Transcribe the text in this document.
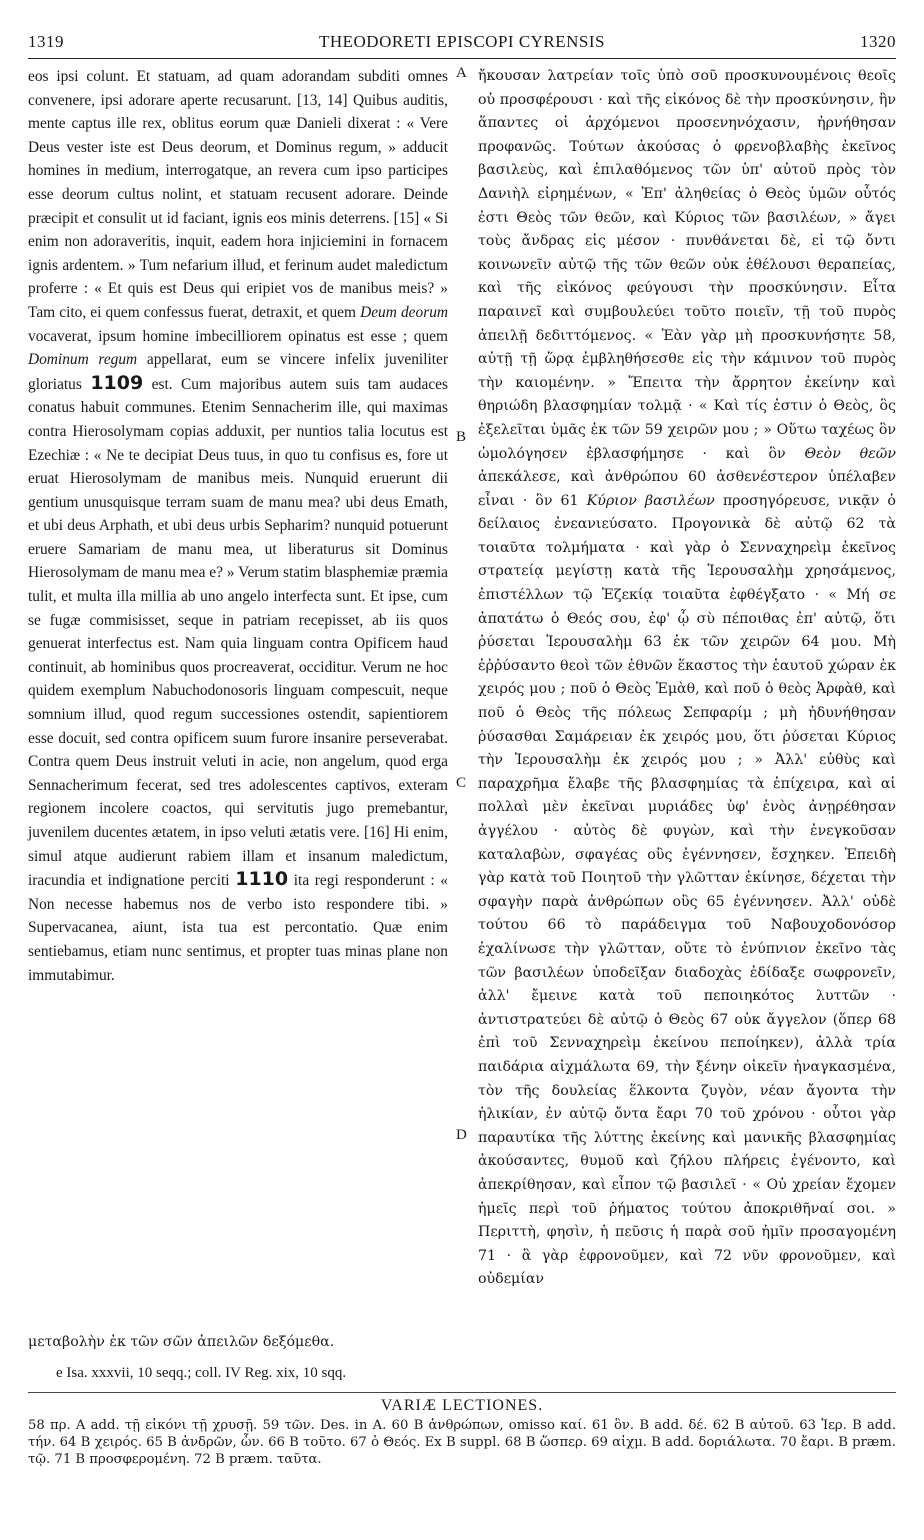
1319	THEODORETI EPISCOPI CYRENSIS	1320

eos ipsi colunt. Et statuam, ad quam adorandam subditi omnes convenere, ipsi adorare aperte recusarunt. [13, 14] Quibus auditis, mente captus ille rex, oblitus eorum quæ Danieli dixerat : « Vere Deus vester iste est Deus deorum, et Dominus regum, » adducit homines in medium, interrogatque, an revera cum ipso participes esse deorum cultus nolint, et statuam recusent adorare. Deinde præcipit et consulit ut id faciant, ignis eos minis deterrens. [15] « Si enim non adoraveritis, inquit, eadem hora injiciemini in fornacem ignis ardentem. » Tum nefarium illud, et ferinum audet maledictum proferre : « Et quis est Deus qui eripiet vos de manibus meis? » Tam cito, ei quem confessus fuerat, detraxit, et quem Deum deorum vocaverat, ipsum homine imbecilliorem opinatus est esse ; quem Dominum regum appellarat, eum se vincere infelix juveniliter gloriatus 1109 est. Cum majoribus autem suis tam audaces conatus habuit communes. Etenim Sennacherim ille, qui maximas contra Hierosolymam copias adduxit, per nuntios talia locutus est Ezechiæ : « Ne te decipiat Deus tuus, in quo tu confisus es, fore ut eruat Hierosolymam de manibus meis. Nunquid eruerunt dii gentium unusquisque terram suam de manu mea? ubi deus Emath, et ubi deus Arphath, et ubi deus urbis Sepharim? nunquid potuerunt eruere Samariam de manu mea, ut liberaturus sit Dominus Hierosolymam de manu mea e? » Verum statim blasphemiæ præmia tulit, et multa illa millia ab uno angelo interfecta sunt. Et ipse, cum se fugæ commisisset, seque in patriam recepisset, ab iis quos genuerat interfectus est. Nam quia linguam contra Opificem haud continuit, ab hominibus quos procreaverat, occiditur. Verum ne hoc quidem exemplum Nabuchodonosoris linguam compescuit, neque somnium illud, quod regum successiones ostendit, sapientiorem esse docuit, sed contra opificem suum furore insanire perseverabat. Contra quem Deus instruit veluti in acie, non angelum, quod erga Sennacherimum fecerat, sed tres adolescentes captivos, exteram regionem incolere coactos, qui servitutis jugo premebantur, juvenilem ducentes ætatem, in ipso veluti ætatis vere. [16] Hi enim, simul atque audierunt rabiem illam et insanum maledictum, iracundia et indignatione perciti 1110 ita regi responderunt : « Non necesse habemus nos de verbo isto respondere tibi. » Supervacanea, aiunt, ista tua est percontatio. Quæ enim sentiebamus, etiam nunc sentimus, et propter tuas minas plane non immutabimur.

A
B
C
D

ἤκουσαν λατρείαν τοῖς ὑπὸ σοῦ προσκυνουμένοις θεοῖς οὐ προσφέρουσι · καὶ τῆς εἰκόνος δὲ τὴν προσκύνησιν, ἣν ἅπαντες οἱ ἀρχόμενοι προσενηνόχασιν, ἠρνήθησαν προφανῶς. Τούτων ἀκούσας ὁ φρενοβλαβὴς ἐκεῖνος βασιλεὺς, καὶ ἐπιλαθόμενος τῶν ὑπ' αὐτοῦ πρὸς τὸν Δανιὴλ εἰρημένων, « Ἐπ' ἀληθείας ὁ Θεὸς ὑμῶν οὗτός ἐστι Θεὸς τῶν θεῶν, καὶ Κύριος τῶν βασιλέων, » ἄγει τοὺς ἄνδρας εἰς μέσον · πυνθάνεται δὲ, εἰ τῷ ὄντι κοινωνεῖν αὐτῷ τῆς τῶν θεῶν οὐκ ἐθέλουσι θεραπείας, καὶ τῆς εἰκόνος φεύγουσι τὴν προσκύνησιν. Εἶτα παραινεῖ καὶ συμβουλεύει τοῦτο ποιεῖν, τῇ τοῦ πυρὸς ἀπειλῇ δεδιττόμενος. « Ἐὰν γὰρ μὴ προσκυνήσητε 58, αὐτῇ τῇ ὥρᾳ ἐμβληθήσεσθε εἰς τὴν κάμινον τοῦ πυρὸς τὴν καιομένην. » Ἔπειτα τὴν ἄρρητον ἐκείνην καὶ θηριώδη βλασφημίαν τολμᾷ · « Καὶ τίς ἐστιν ὁ Θεὸς, ὃς ἐξελεῖται ὑμᾶς ἐκ τῶν 59 χειρῶν μου ; » Οὕτω ταχέως ὃν ὡμολόγησεν ἐβλασφήμησε · καὶ ὃν Θεὸν θεῶν ἀπεκάλεσε, καὶ ἀνθρώπου 60 ἀσθενέστερον ὑπέλαβεν εἶναι · ὃν 61 Κύριον βασιλέων προσηγόρευσε, νικᾷν ὁ δείλαιος ἐνεανιεύσατο. Προγονικὰ δὲ αὐτῷ 62 τὰ τοιαῦτα τολμήματα · καὶ γὰρ ὁ Σενναχηρεὶμ ἐκεῖνος στρατείᾳ μεγίστῃ κατὰ τῆς Ἱερουσαλὴμ χρησάμενος, ἐπιστέλλων τῷ Ἐζεκίᾳ τοιαῦτα ἐφθέγξατο · « Μή σε ἀπατάτω ὁ Θεός σου, ἐφ' ᾧ σὺ πέποιθας ἐπ' αὐτῷ, ὅτι ῥύσεται Ἱερουσαλὴμ 63 ἐκ τῶν χειρῶν 64 μου. Μὴ ἐῤῥύσαντο θεοὶ τῶν ἐθνῶν ἕκαστος τὴν ἑαυτοῦ χώραν ἐκ χειρός μου ; ποῦ ὁ Θεὸς Ἐμὰθ, καὶ ποῦ ὁ θεὸς Ἀρφὰθ, καὶ ποῦ ὁ Θεὸς τῆς πόλεως Σεπφαρίμ ; μὴ ἠδυνήθησαν ῥύσασθαι Σαμάρειαν ἐκ χειρός μου, ὅτι ῥύσεται Κύριος τὴν Ἱερουσαλὴμ ἐκ χειρός μου ; » Ἀλλ' εὐθὺς καὶ παραχρῆμα ἔλαβε τῆς βλασφημίας τὰ ἐπίχειρα, καὶ αἱ πολλαὶ μὲν ἐκεῖναι μυριάδες ὑφ' ἑνὸς ἀνῃρέθησαν ἀγγέλου · αὐτὸς δὲ φυγὼν, καὶ τὴν ἐνεγκοῦσαν καταλαβὼν, σφαγέας οὓς ἐγέννησεν, ἔσχηκεν. Ἐπειδὴ γὰρ κατὰ τοῦ Ποιητοῦ τὴν γλῶτταν ἐκίνησε, δέχεται τὴν σφαγὴν παρὰ ἀνθρώπων οὓς 65 ἐγέννησεν. Ἀλλ' οὐδὲ τούτου 66 τὸ παράδειγμα τοῦ Ναβουχοδονόσορ ἐχαλίνωσε τὴν γλῶτταν, οὔτε τὸ ἐνύπνιον ἐκεῖνο τὰς τῶν βασιλέων ὑποδεῖξαν διαδοχὰς ἐδίδαξε σωφρονεῖν, ἀλλ' ἔμεινε κατὰ τοῦ πεποιηκότος λυττῶν · ἀντιστρατεύει δὲ αὐτῷ ὁ Θεὸς 67 οὐκ ἄγγελον (ὅπερ 68 ἐπὶ τοῦ Σενναχηρεὶμ ἐκείνου πεποίηκεν), ἀλλὰ τρία παιδάρια αἰχμάλωτα 69, τὴν ξένην οἰκεῖν ἠναγκασμένα, τὸν τῆς δουλείας ἕλκοντα ζυγὸν, νέαν ἄγοντα τὴν ἡλικίαν, ἐν αὐτῷ ὄντα ἔαρι 70 τοῦ χρόνου · οὗτοι γὰρ παραυτίκα τῆς λύττης ἐκείνης καὶ μανικῆς βλασφημίας ἀκούσαντες, θυμοῦ καὶ ζήλου πλήρεις ἐγένοντο, καὶ ἀπεκρίθησαν, καὶ εἶπον τῷ βασιλεῖ · « Οὐ χρείαν ἔχομεν ἡμεῖς περὶ τοῦ ῥήματος τούτου ἀποκριθῆναί σοι. » Περιττὴ, φησὶν, ἡ πεῦσις ἡ παρὰ σοῦ ἡμῖν προσαγομένη 71 · ἃ γὰρ ἐφρονοῦμεν, καὶ 72 νῦν φρονοῦμεν, καὶ οὐδεμίαν

μεταβολὴν ἐκ τῶν σῶν ἀπειλῶν δεξόμεθα.
e Isa. xxxvii, 10 seqq.; coll. IV Reg. xix, 10 sqq.
VARIÆ LECTIONES.
58 πρ. A add. τῇ εἰκόνι τῇ χρυσῇ. 59 τῶν. Des. in A. 60 B ἀνθρώπων, omisso καί. 61 ὃν. B add. δέ. 62 B αὐτοῦ. 63 Ἱερ. B add. τήν. 64 B χειρός. 65 B ἀνδρῶν, ὧν. 66 B τοῦτο. 67 ὁ Θεός. Ex B suppl. 68 B ὥσπερ. 69 αἰχμ. B add. δοριάλωτα. 70 ἔαρι. B præm. τῷ. 71 B προσφερομένη. 72 B præm. ταῦτα.
